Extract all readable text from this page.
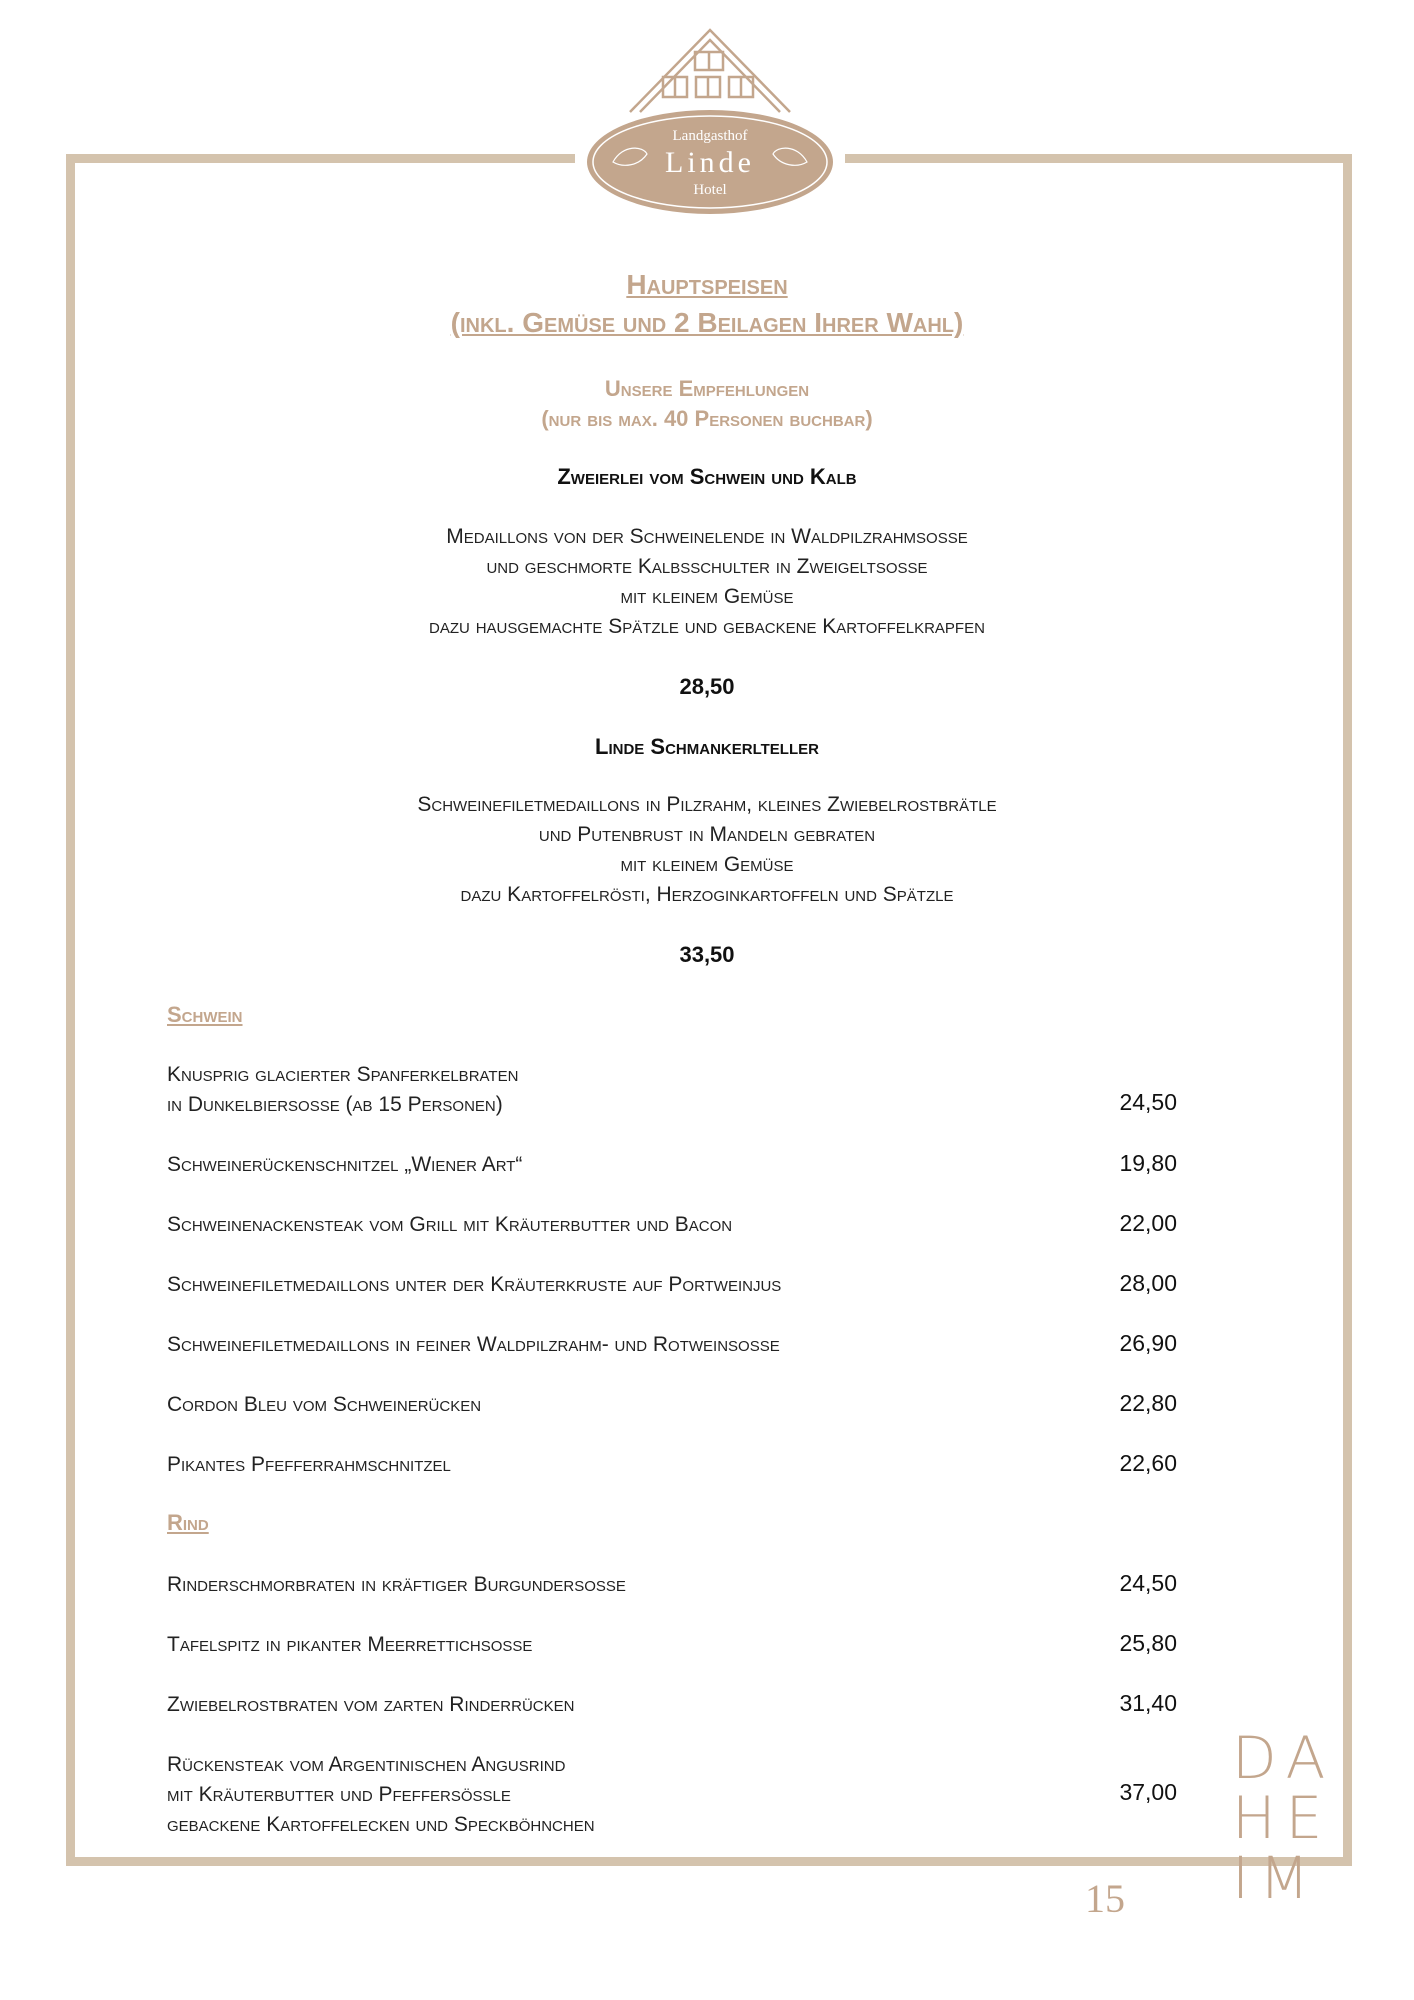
Landgasthof
Linde
Hotel
Hauptspeisen
(inkl. Gemüse und 2 Beilagen Ihrer Wahl)
Unsere Empfehlungen
(nur bis max. 40 Personen buchbar)
Zweierlei vom Schwein und Kalb
Medaillons von der Schweinelende in Waldpilzrahmsoße
und geschmorte Kalbsschulter in Zweigeltsoße
mit kleinem Gemüse
dazu hausgemachte Spätzle und gebackene Kartoffelkrapfen
28,50
Linde Schmankerlteller
Schweinefiletmedaillons in Pilzrahm, kleines Zwiebelrostbrätle
und Putenbrust in Mandeln gebraten
mit kleinem Gemüse
dazu Kartoffelrösti, Herzoginkartoffeln und Spätzle
33,50
Schwein
Knusprig glacierter Spanferkelbraten
in Dunkelbiersoße (ab 15 Personen)	24,50
Schweinerückenschnitzel „Wiener Art“	19,80
Schweinenackensteak vom Grill mit Kräuterbutter und Bacon	22,00
Schweinefiletmedaillons unter der Kräuterkruste auf Portweinjus	28,00
Schweinefiletmedaillons in feiner Waldpilzrahm- und Rotweinsoße	26,90
Cordon Bleu vom Schweinerücken	22,80
Pikantes Pfefferrahmschnitzel	22,60
Rind
Rinderschmorbraten in kräftiger Burgundersoße	24,50
Tafelspitz in pikanter Meerrettichsoße	25,80
Zwiebelrostbraten vom zarten Rinderrücken	31,40
Rückensteak vom Argentinischen Angusrind
mit Kräuterbutter und Pfeffersößle
gebackene Kartoffelecken und Speckböhnchen
37,00
15
DA
HE
IM
